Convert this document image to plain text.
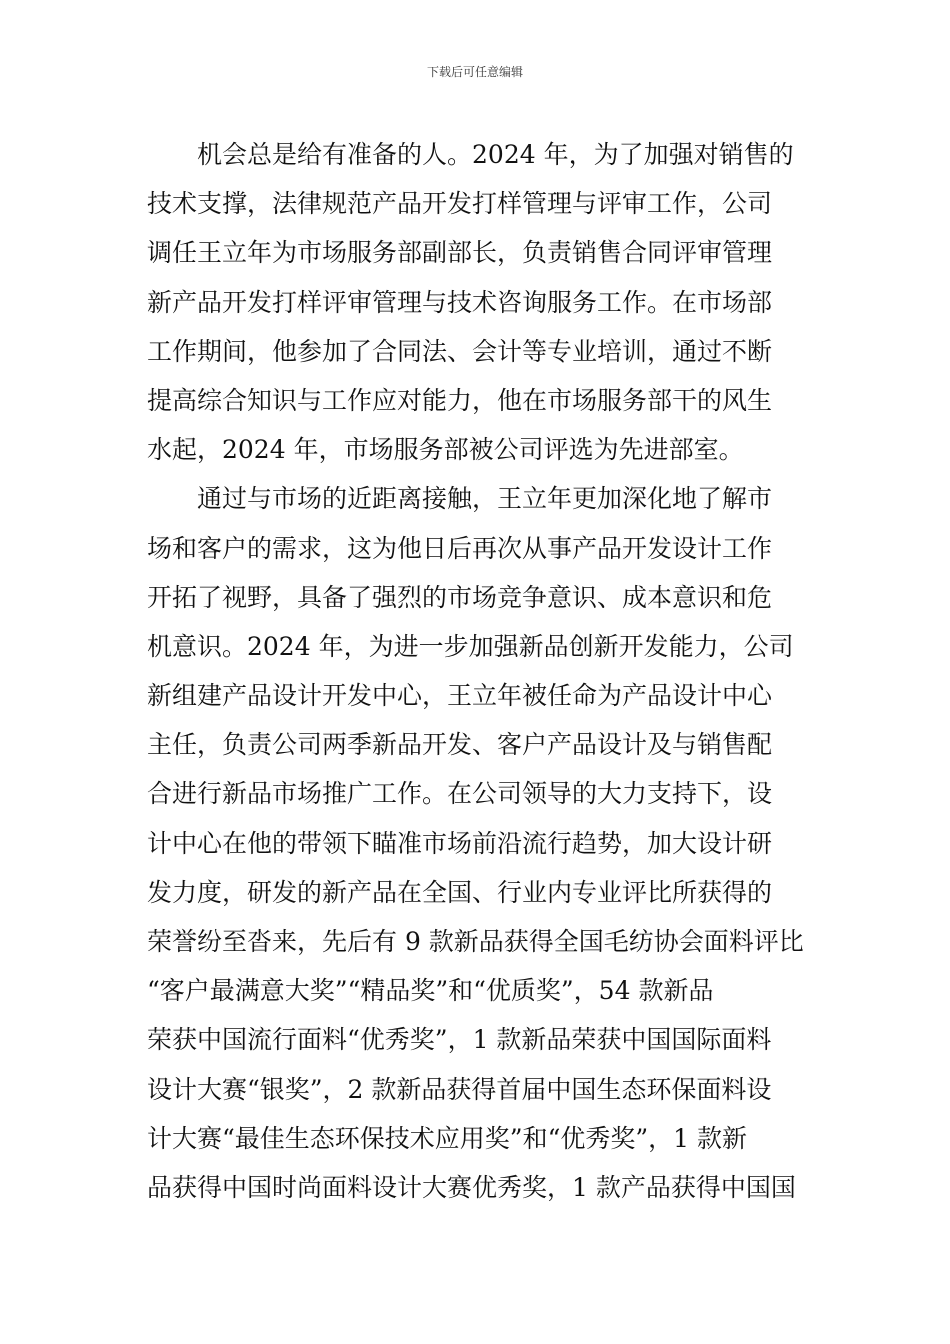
下载后可任意编辑
机会总是给有准备的人。2024 年，为了加强对销售的
技术支撑，法律规范产品开发打样管理与评审工作，公司
调任王立年为市场服务部副部长，负责销售合同评审管理
新产品开发打样评审管理与技术咨询服务工作。在市场部
工作期间，他参加了合同法、会计等专业培训，通过不断
提高综合知识与工作应对能力，他在市场服务部干的风生
水起，2024 年，市场服务部被公司评选为先进部室。
通过与市场的近距离接触，王立年更加深化地了解市
场和客户的需求，这为他日后再次从事产品开发设计工作
开拓了视野，具备了强烈的市场竞争意识、成本意识和危
机意识。2024 年，为进一步加强新品创新开发能力，公司
新组建产品设计开发中心，王立年被任命为产品设计中心
主任，负责公司两季新品开发、客户产品设计及与销售配
合进行新品市场推广工作。在公司领导的大力支持下，设
计中心在他的带领下瞄准市场前沿流行趋势，加大设计研
发力度，研发的新产品在全国、行业内专业评比所获得的
荣誉纷至沓来，先后有 9 款新品获得全国毛纺协会面料评比
“客户最满意大奖”“精品奖”和“优质奖”，54 款新品
荣获中国流行面料“优秀奖”，1 款新品荣获中国国际面料
设计大赛“银奖”，2 款新品获得首届中国生态环保面料设
计大赛“最佳生态环保技术应用奖”和“优秀奖”，1 款新
品获得中国时尚面料设计大赛优秀奖，1 款产品获得中国国
